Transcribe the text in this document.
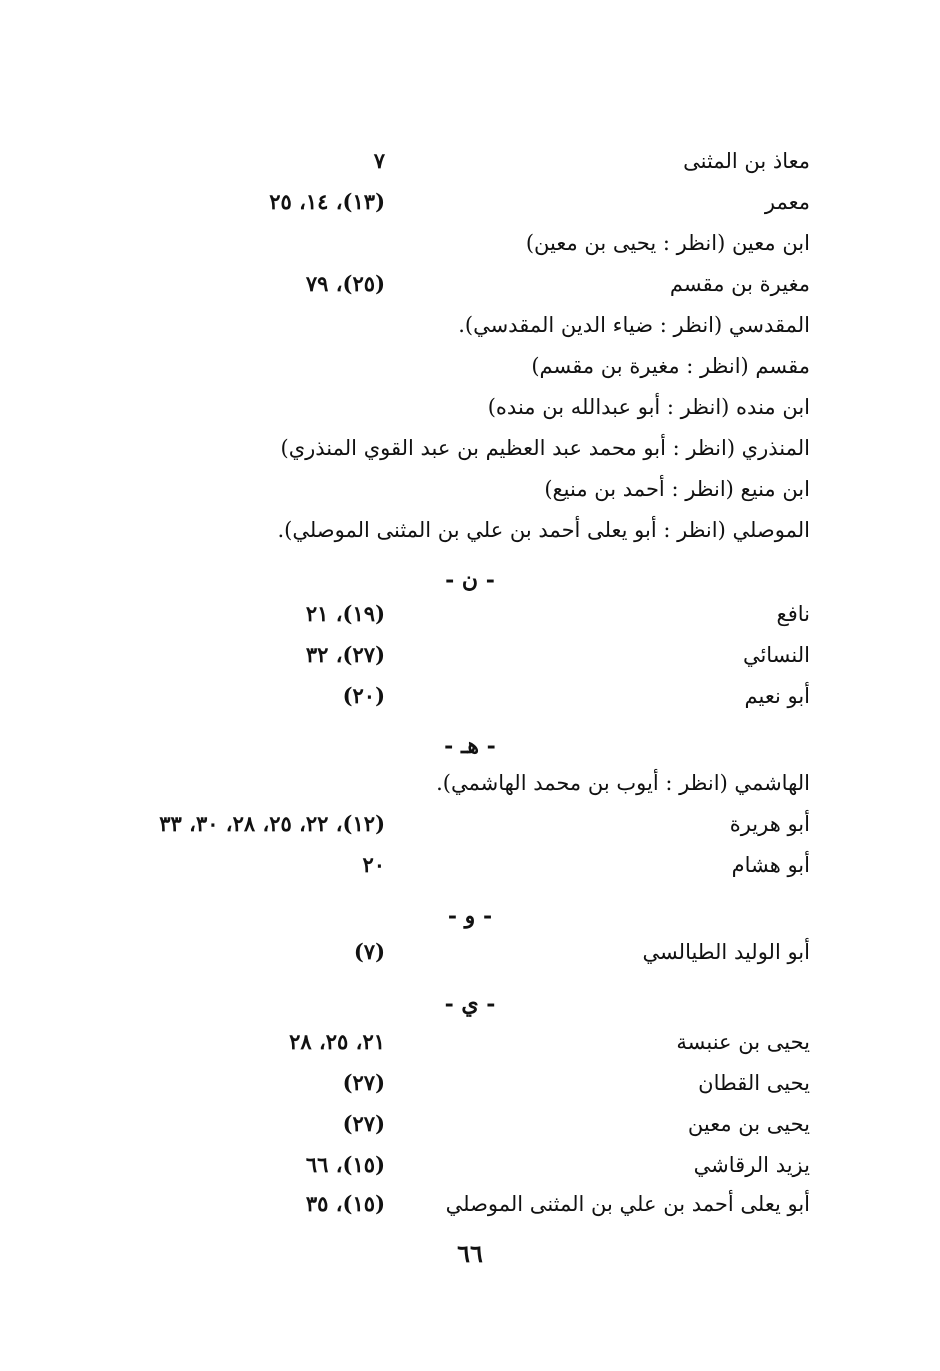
معاذ بن المثنى
٧
معمر
(١٣)، ١٤، ٢٥
ابن معين (انظر : يحيى بن معين)
مغيرة بن مقسم
(٢٥)، ٧٩
المقدسي (انظر : ضياء الدين المقدسي).
مقسم (انظر : مغيرة بن مقسم)
ابن منده (انظر : أبو عبدالله بن منده)
المنذري (انظر : أبو محمد عبد العظيم بن عبد القوي المنذري)
ابن منيع (انظر : أحمد بن منيع)
الموصلي (انظر : أبو يعلى أحمد بن علي بن المثنى الموصلي).
- ن -
نافع
(١٩)، ٢١
النسائي
(٢٧)، ٣٢
أبو نعيم
(٢٠)
- هـ -
الهاشمي (انظر : أيوب بن محمد الهاشمي).
أبو هريرة
(١٢)، ٢٢، ٢٥، ٢٨، ٣٠، ٣٣
أبو هشام
٢٠
- و -
أبو الوليد الطيالسي
(٧)
- ي -
يحيى بن عنبسة
٢١، ٢٥، ٢٨
يحيى القطان
(٢٧)
يحيى بن معين
(٢٧)
يزيد الرقاشي
(١٥)، ٦٦
أبو يعلى أحمد بن علي بن المثنى الموصلي
(١٥)، ٣٥
٦٦
